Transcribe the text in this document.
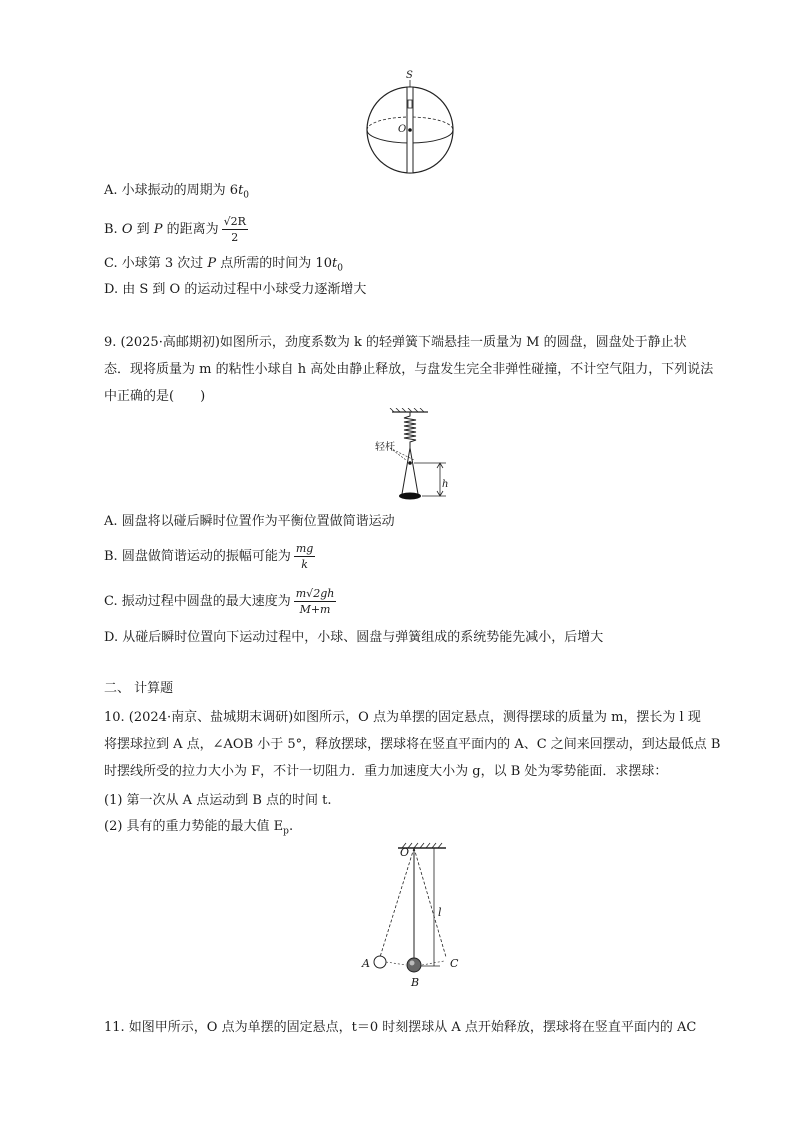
S
O
A. 小球振动的周期为 $6t_0$
B. O 到 P 的距离为 $\frac{√2R}{2}$
C. 小球第 3 次过 P 点所需的时间为 $10t_0$
D. 由 S 到 O 的运动过程中小球受力逐渐增大
9. (2025·高邮期初)如图所示，劲度系数为 k 的轻弹簧下端悬挂一质量为 M 的圆盘，圆盘处于静止状
态．现将质量为 m 的粘性小球自 h 高处由静止释放，与盘发生完全非弹性碰撞，不计空气阻力，下列说法
中正确的是(　　)
轻杆
h
A. 圆盘将以碰后瞬时位置作为平衡位置做简谐运动
B. 圆盘做简谐运动的振幅可能为 $\frac{mg}{k}$
C. 振动过程中圆盘的最大速度为 $\frac{m√2gh}{M+m}$
D. 从碰后瞬时位置向下运动过程中，小球、圆盘与弹簧组成的系统势能先减小，后增大
二、 计算题
10. (2024·南京、盐城期末调研)如图所示，O 点为单摆的固定悬点，测得摆球的质量为 m，摆长为 l 现
将摆球拉到 A 点，∠AOB 小于 5°，释放摆球，摆球将在竖直平面内的 A、C 之间来回摆动，到达最低点 B
时摆线所受的拉力大小为 F，不计一切阻力．重力加速度大小为 g，以 B 处为零势能面．求摆球：
(1) 第一次从 A 点运动到 B 点的时间 t.
(2) 具有的重力势能的最大值 $E_p$.
O
l
A
B
C
11. 如图甲所示，O 点为单摆的固定悬点，t＝0 时刻摆球从 A 点开始释放，摆球将在竖直平面内的 AC
